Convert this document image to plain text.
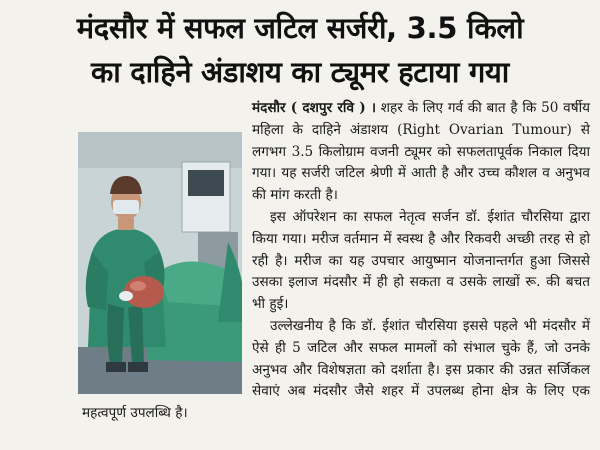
मंदसौर में सफल जटिल सर्जरी, 3.5 किलो
का दाहिने अंडाशय का ट्यूमर हटाया गया

मंदसौर ( दशपुर रवि ) । शहर के लिए गर्व की बात है कि 50 वर्षीय महिला के दाहिने अंडाशय (Right Ovarian Tumour) से लगभग 3.5 किलोग्राम वजनी ट्यूमर को सफलतापूर्वक निकाल दिया गया। यह सर्जरी जटिल श्रेणी में आती है और उच्च कौशल व अनुभव की मांग करती है।

इस ऑपरेशन का सफल नेतृत्व सर्जन डॉ. ईशांत चौरसिया द्वारा किया गया। मरीज वर्तमान में स्वस्थ है और रिकवरी अच्छी तरह से हो रही है। मरीज का यह उपचार आयुष्मान योजनान्तर्गत हुआ जिससे उसका इलाज मंदसौर में ही हो सकता व उसके लाखों रू. की बचत भी हुई।

उल्लेखनीय है कि डॉ. ईशांत चौरसिया इससे पहले भी मंदसौर में ऐसे ही 5 जटिल और सफल मामलों को संभाल चुके हैं, जो उनके अनुभव और विशेषज्ञता को दर्शाता है। इस प्रकार की उन्नत सर्जिकल सेवाएं अब मंदसौर जैसे शहर में उपलब्ध होना क्षेत्र के लिए एक महत्वपूर्ण उपलब्धि है।
